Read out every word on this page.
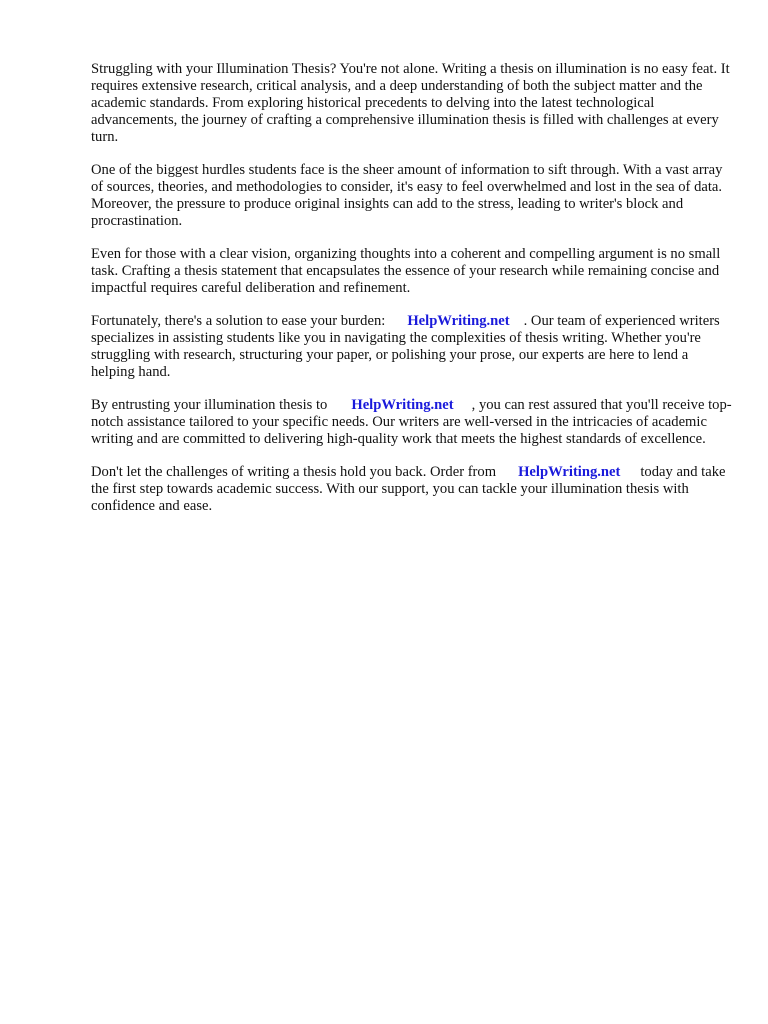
Struggling with your Illumination Thesis? You're not alone. Writing a thesis on illumination is no easy feat. It requires extensive research, critical analysis, and a deep understanding of both the subject matter and the academic standards. From exploring historical precedents to delving into the latest technological advancements, the journey of crafting a comprehensive illumination thesis is filled with challenges at every turn.

One of the biggest hurdles students face is the sheer amount of information to sift through. With a vast array of sources, theories, and methodologies to consider, it's easy to feel overwhelmed and lost in the sea of data. Moreover, the pressure to produce original insights can add to the stress, leading to writer's block and procrastination.

Even for those with a clear vision, organizing thoughts into a coherent and compelling argument is no small task. Crafting a thesis statement that encapsulates the essence of your research while remaining concise and impactful requires careful deliberation and refinement.

Fortunately, there's a solution to ease your burden: HelpWriting.net . Our team of experienced writers specializes in assisting students like you in navigating the complexities of thesis writing. Whether you're struggling with research, structuring your paper, or polishing your prose, our experts are here to lend a helping hand.

By entrusting your illumination thesis to HelpWriting.net , you can rest assured that you'll receive top-notch assistance tailored to your specific needs. Our writers are well-versed in the intricacies of academic writing and are committed to delivering high-quality work that meets the highest standards of excellence.

Don't let the challenges of writing a thesis hold you back. Order from HelpWriting.net today and take the first step towards academic success. With our support, you can tackle your illumination thesis with confidence and ease.
